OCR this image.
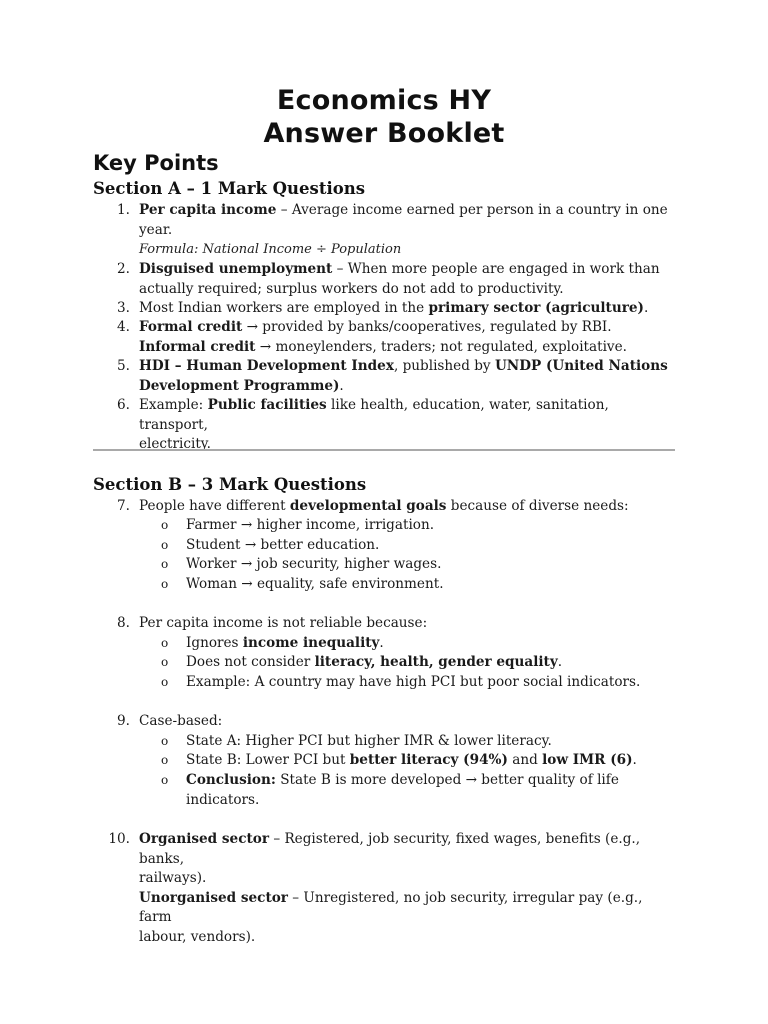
Economics HY
Answer Booklet
Key Points
Section A – 1 Mark Questions
1. Per capita income – Average income earned per person in a country in one
year.
Formula: National Income ÷ Population
2. Disguised unemployment – When more people are engaged in work than
actually required; surplus workers do not add to productivity.
3. Most Indian workers are employed in the primary sector (agriculture).
4. Formal credit → provided by banks/cooperatives, regulated by RBI.
Informal credit → moneylenders, traders; not regulated, exploitative.
5. HDI – Human Development Index, published by UNDP (United Nations
Development Programme).
6. Example: Public facilities like health, education, water, sanitation, transport,
electricity.
Section B – 3 Mark Questions
7. People have different developmental goals because of diverse needs:
o Farmer → higher income, irrigation.
o Student → better education.
o Worker → job security, higher wages.
o Woman → equality, safe environment.
8. Per capita income is not reliable because:
o Ignores income inequality.
o Does not consider literacy, health, gender equality.
o Example: A country may have high PCI but poor social indicators.
9. Case-based:
o State A: Higher PCI but higher IMR & lower literacy.
o State B: Lower PCI but better literacy (94%) and low IMR (6).
o Conclusion: State B is more developed → better quality of life
indicators.
10. Organised sector – Registered, job security, fixed wages, benefits (e.g., banks,
railways).
Unorganised sector – Unregistered, no job security, irregular pay (e.g., farm
labour, vendors).
